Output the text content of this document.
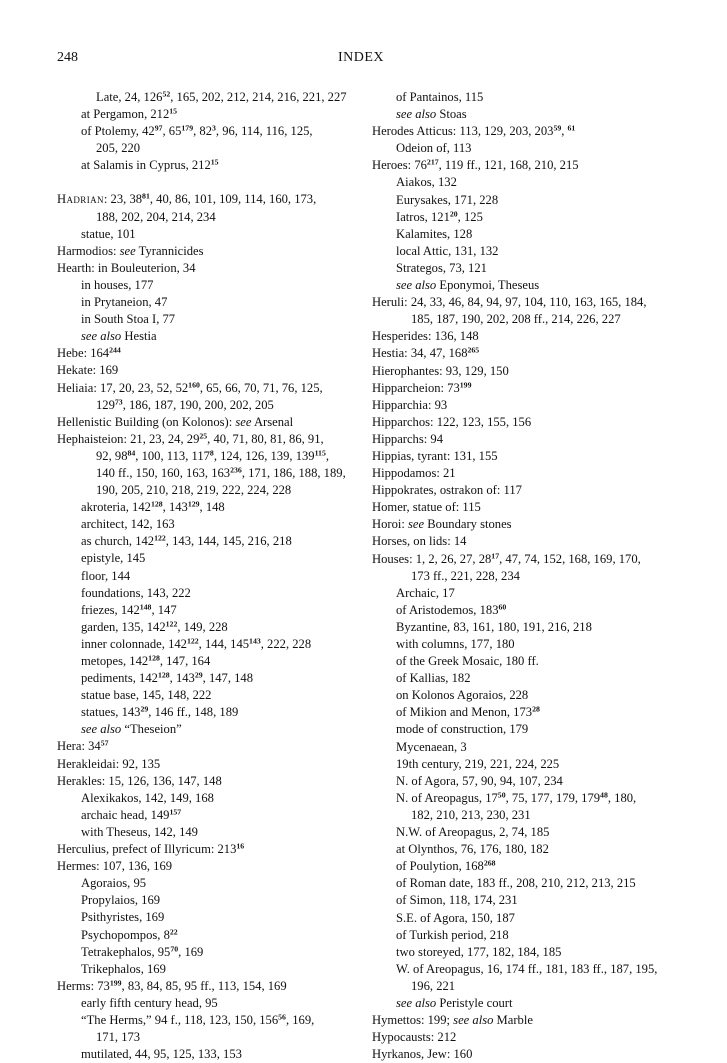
248	INDEX
Late, 24, $126^{52}$, 165, 202, 212, 214, 216, 221, 227
at Pergamon, $212^{15}$
of Ptolemy, $42^{97}$, $65^{179}$, $82^3$, 96, 114, 116, 125,
205, 220
at Salamis in Cyprus, $212^{15}$
Hadrian: 23, $38^{81}$, 40, 86, 101, 109, 114, 160, 173,
188, 202, 204, 214, 234
statue, 101
Harmodios: see Tyrannicides
Hearth: in Bouleuterion, 34
in houses, 177
in Prytaneion, 47
in South Stoa I, 77
see also Hestia
Hebe: $164^{244}$
Hekate: 169
Heliaia: 17, 20, 23, 52, $52^{160}$, 65, 66, 70, 71, 76, 125,
$129^{73}$, 186, 187, 190, 200, 202, 205
Hellenistic Building (on Kolonos): see Arsenal
Hephaisteion: 21, 23, 24, $29^{25}$, 40, 71, 80, 81, 86, 91,
92, $98^{84}$, 100, 113, $117^8$, 124, 126, 139, $139^{115}$,
140 ff., 150, 160, 163, $163^{236}$, 171, 186, 188, 189,
190, 205, 210, 218, 219, 222, 224, 228
akroteria, $142^{128}$, $143^{129}$, 148
architect, 142, 163
as church, $142^{122}$, 143, 144, 145, 216, 218
epistyle, 145
floor, 144
foundations, 143, 222
friezes, $142^{148}$, 147
garden, 135, $142^{122}$, 149, 228
inner colonnade, $142^{122}$, 144, $145^{143}$, 222, 228
metopes, $142^{128}$, 147, 164
pediments, $142^{128}$, $143^{29}$, 147, 148
statue base, 145, 148, 222
statues, $143^{29}$, 146 ff., 148, 189
see also “Theseion”
Hera: $34^{57}$
Herakleidai: 92, 135
Herakles: 15, 126, 136, 147, 148
Alexikakos, 142, 149, 168
archaic head, $149^{157}$
with Theseus, 142, 149
Herculius, prefect of Illyricum: $213^{16}$
Hermes: 107, 136, 169
Agoraios, 95
Propylaios, 169
Psithyristes, 169
Psychopompos, $8^{22}$
Tetrakephalos, $95^{70}$, 169
Trikephalos, 169
Herms: $73^{199}$, 83, 84, 85, 95 ff., 113, 154, 169
early fifth century head, 95
“The Herms,” 94 f., 118, 123, 150, $156^{56}$, 169,
171, 173
mutilated, 44, 95, 125, 133, 153
of Pantainos, 115
see also Stoas
Herodes Atticus: 113, 129, 203, $203^{59}$, $^{61}$
Odeion of, 113
Heroes: $76^{217}$, 119 ff., 121, 168, 210, 215
Aiakos, 132
Eurysakes, 171, 228
Iatros, $121^{20}$, 125
Kalamites, 128
local Attic, 131, 132
Strategos, 73, 121
see also Eponymoi, Theseus
Heruli: 24, 33, 46, 84, 94, 97, 104, 110, 163, 165, 184,
185, 187, 190, 202, 208 ff., 214, 226, 227
Hesperides: 136, 148
Hestia: 34, 47, $168^{265}$
Hierophantes: 93, 129, 150
Hipparcheion: $73^{199}$
Hipparchia: 93
Hipparchos: 122, 123, 155, 156
Hipparchs: 94
Hippias, tyrant: 131, 155
Hippodamos: 21
Hippokrates, ostrakon of: 117
Homer, statue of: 115
Horoi: see Boundary stones
Horses, on lids: 14
Houses: 1, 2, 26, 27, $28^{17}$, 47, 74, 152, 168, 169, 170,
173 ff., 221, 228, 234
Archaic, 17
of Aristodemos, $183^{60}$
Byzantine, 83, 161, 180, 191, 216, 218
with columns, 177, 180
of the Greek Mosaic, 180 ff.
of Kallias, 182
on Kolonos Agoraios, 228
of Mikion and Menon, $173^{28}$
mode of construction, 179
Mycenaean, 3
19th century, 219, 221, 224, 225
N. of Agora, 57, 90, 94, 107, 234
N. of Areopagus, $17^{50}$, 75, 177, 179, $179^{48}$, 180,
182, 210, 213, 230, 231
N.W. of Areopagus, 2, 74, 185
at Olynthos, 76, 176, 180, 182
of Poulytion, $168^{268}$
of Roman date, 183 ff., 208, 210, 212, 213, 215
of Simon, 118, 174, 231
S.E. of Agora, 150, 187
of Turkish period, 218
two storeyed, 177, 182, 184, 185
W. of Areopagus, 16, 174 ff., 181, 183 ff., 187, 195,
196, 221
see also Peristyle court
Hymettos: 199; see also Marble
Hypocausts: 212
Hyrkanos, Jew: 160
